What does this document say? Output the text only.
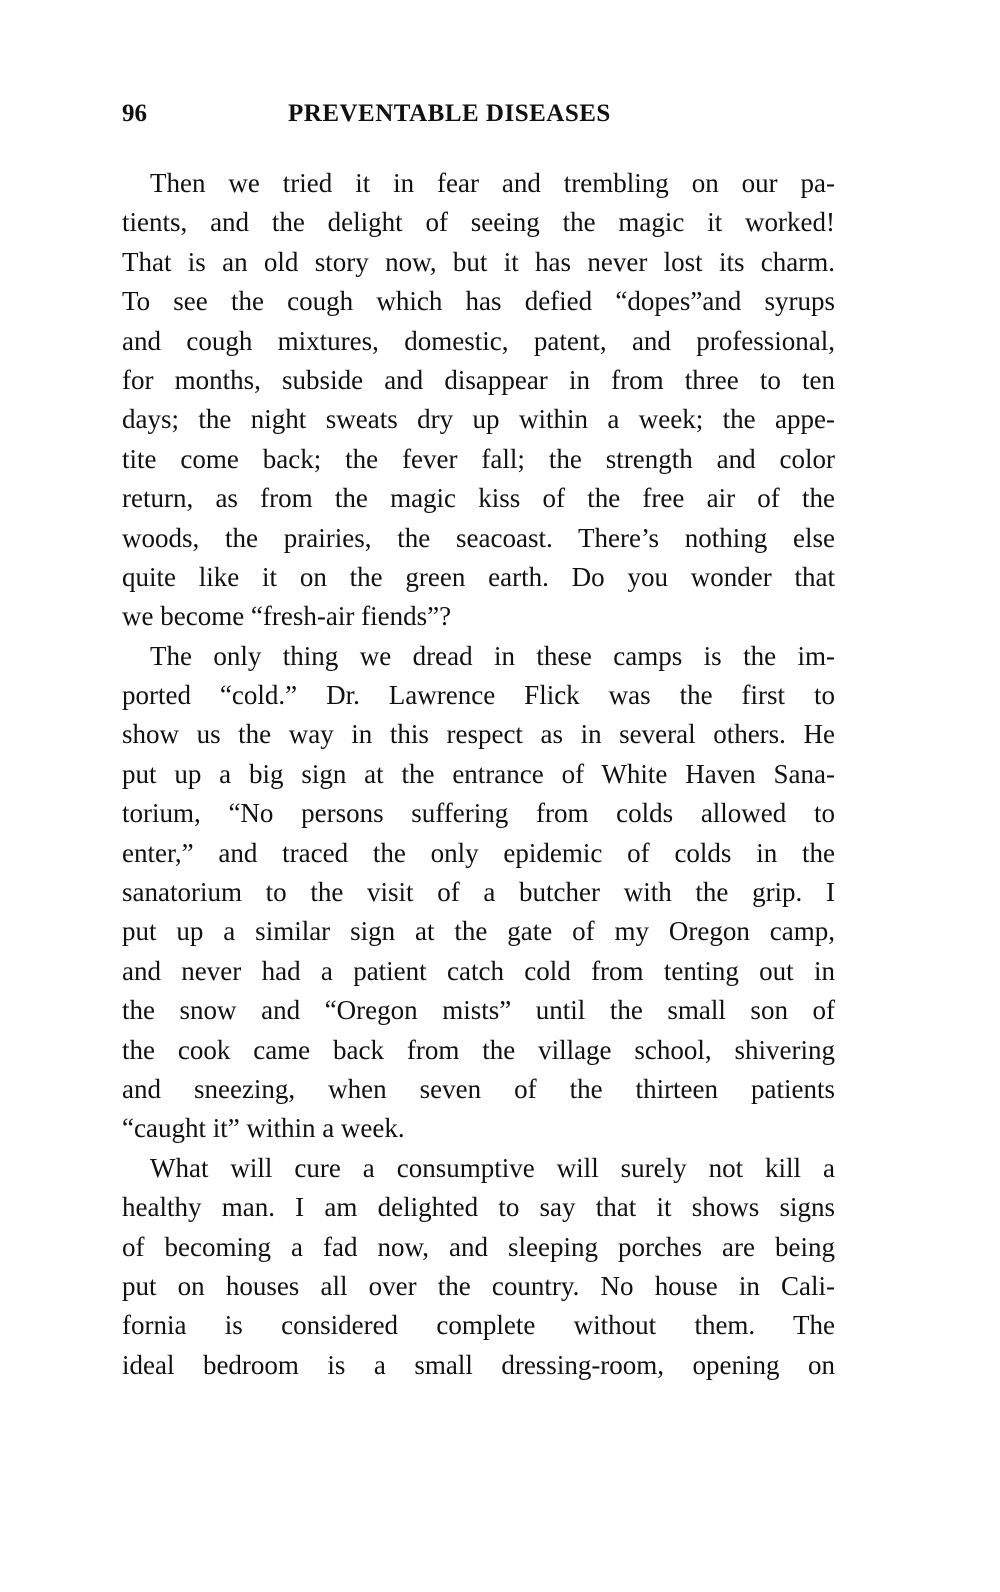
96	PREVENTABLE DISEASES
Then we tried it in fear and trembling on our pa-
tients, and the delight of seeing the magic it worked!
That is an old story now, but it has never lost its charm.
To see the cough which has defied “dopes”and syrups
and cough mixtures, domestic, patent, and professional,
for months, subside and disappear in from three to ten
days; the night sweats dry up within a week; the appe-
tite come back; the fever fall; the strength and color
return, as from the magic kiss of the free air of the
woods, the prairies, the seacoast. There’s nothing else
quite like it on the green earth. Do you wonder that
we become “fresh-air fiends”?
The only thing we dread in these camps is the im-
ported “cold.” Dr. Lawrence Flick was the first to
show us the way in this respect as in several others. He
put up a big sign at the entrance of White Haven Sana-
torium, “No persons suffering from colds allowed to
enter,” and traced the only epidemic of colds in the
sanatorium to the visit of a butcher with the grip. I
put up a similar sign at the gate of my Oregon camp,
and never had a patient catch cold from tenting out in
the snow and “Oregon mists” until the small son of
the cook came back from the village school, shivering
and sneezing, when seven of the thirteen patients
“caught it” within a week.
What will cure a consumptive will surely not kill a
healthy man. I am delighted to say that it shows signs
of becoming a fad now, and sleeping porches are being
put on houses all over the country. No house in Cali-
fornia is considered complete without them. The
ideal bedroom is a small dressing-room, opening on
